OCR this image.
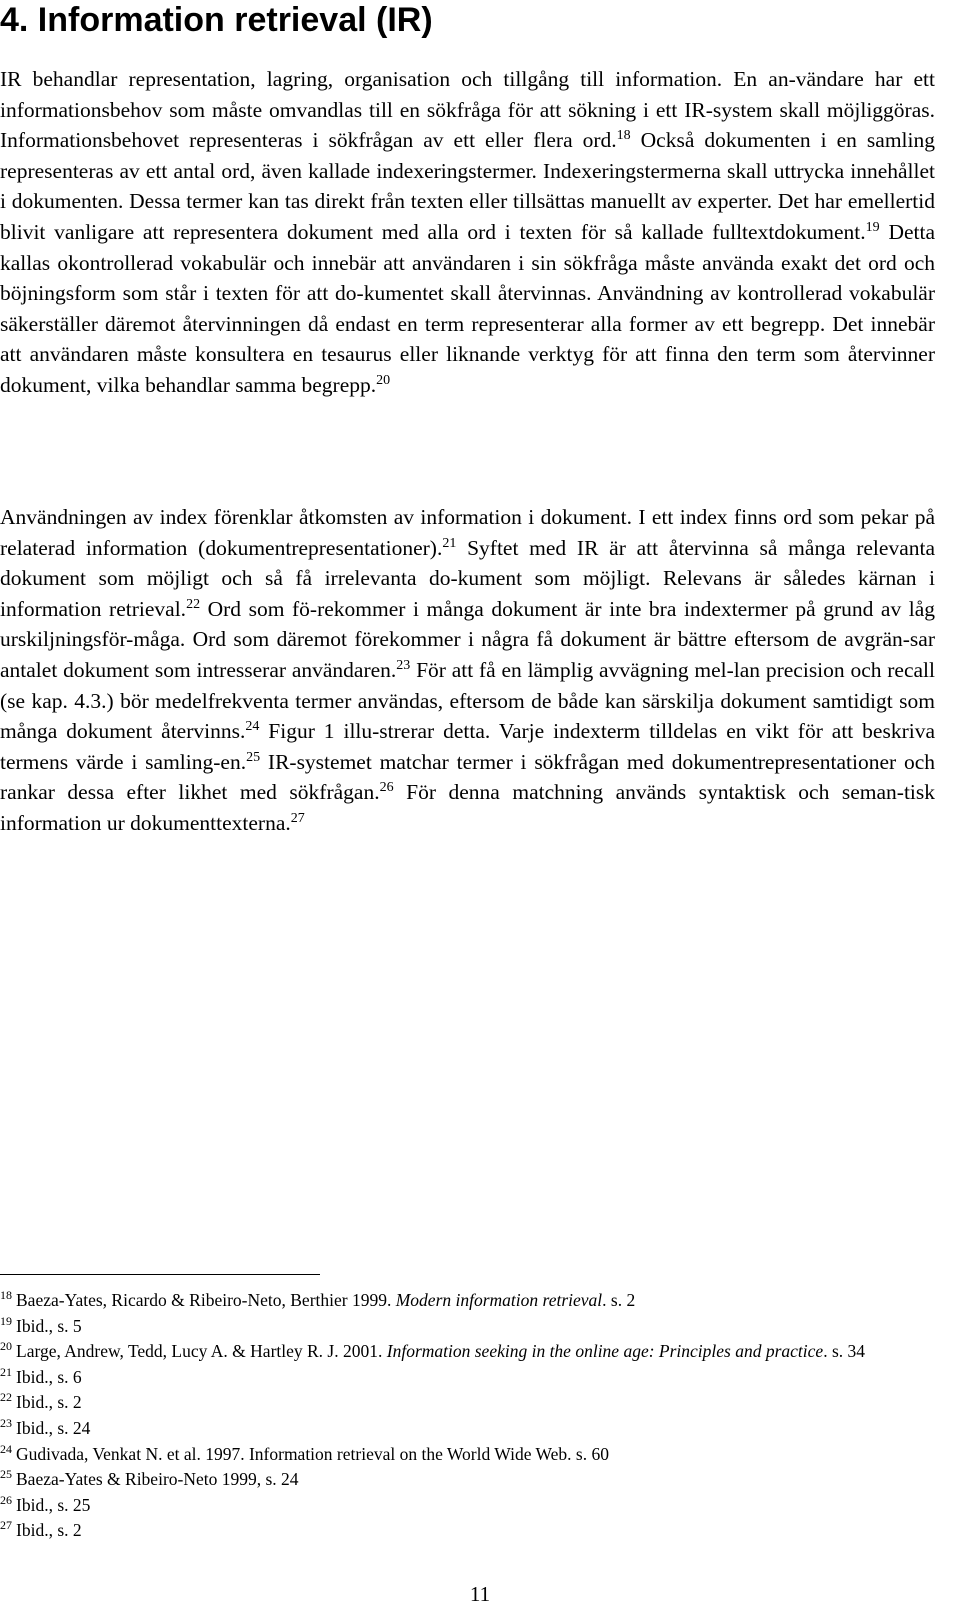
4. Information retrieval (IR)

IR behandlar representation, lagring, organisation och tillgång till information. En an-vändare har ett informationsbehov som måste omvandlas till en sökfråga för att sökning i ett IR-system skall möjliggöras. Informationsbehovet representeras i sökfrågan av ett eller flera ord.$^{18}$ Också dokumenten i en samling representeras av ett antal ord, även kallade indexeringstermer. Indexeringstermerna skall uttrycka innehållet i dokumenten. Dessa termer kan tas direkt från texten eller tillsättas manuellt av experter. Det har emellertid blivit vanligare att representera dokument med alla ord i texten för så kallade fulltextdokument.$^{19}$ Detta kallas okontrollerad vokabulär och innebär att användaren i sin sökfråga måste använda exakt det ord och böjningsform som står i texten för att do-kumentet skall återvinnas. Användning av kontrollerad vokabulär säkerställer däremot återvinningen då endast en term representerar alla former av ett begrepp. Det innebär att användaren måste konsultera en tesaurus eller liknande verktyg för att finna den term som återvinner dokument, vilka behandlar samma begrepp.$^{20}$

Användningen av index förenklar åtkomsten av information i dokument. I ett index finns ord som pekar på relaterad information (dokumentrepresentationer).$^{21}$ Syftet med IR är att återvinna så många relevanta dokument som möjligt och så få irrelevanta do-kument som möjligt. Relevans är således kärnan i information retrieval.$^{22}$ Ord som fö-rekommer i många dokument är inte bra indextermer på grund av låg urskiljningsför-måga. Ord som däremot förekommer i några få dokument är bättre eftersom de avgrän-sar antalet dokument som intresserar användaren.$^{23}$ För att få en lämplig avvägning mel-lan precision och recall (se kap. 4.3.) bör medelfrekventa termer användas, eftersom de både kan särskilja dokument samtidigt som många dokument återvinns.$^{24}$ Figur 1 illu-strerar detta. Varje indexterm tilldelas en vikt för att beskriva termens värde i samling-en.$^{25}$ IR-systemet matchar termer i sökfrågan med dokumentrepresentationer och rankar dessa efter likhet med sökfrågan.$^{26}$ För denna matchning används syntaktisk och seman-tisk information ur dokumenttexterna.$^{27}$

$^{18}$ Baeza-Yates, Ricardo & Ribeiro-Neto, Berthier 1999. Modern information retrieval. s. 2
$^{19}$ Ibid., s. 5
$^{20}$ Large, Andrew, Tedd, Lucy A. & Hartley R. J. 2001. Information seeking in the online age: Principles and practice. s. 34
$^{21}$ Ibid., s. 6
$^{22}$ Ibid., s. 2
$^{23}$ Ibid., s. 24
$^{24}$ Gudivada, Venkat N. et al. 1997. Information retrieval on the World Wide Web. s. 60
$^{25}$ Baeza-Yates & Ribeiro-Neto 1999, s. 24
$^{26}$ Ibid., s. 25
$^{27}$ Ibid., s. 2
11
